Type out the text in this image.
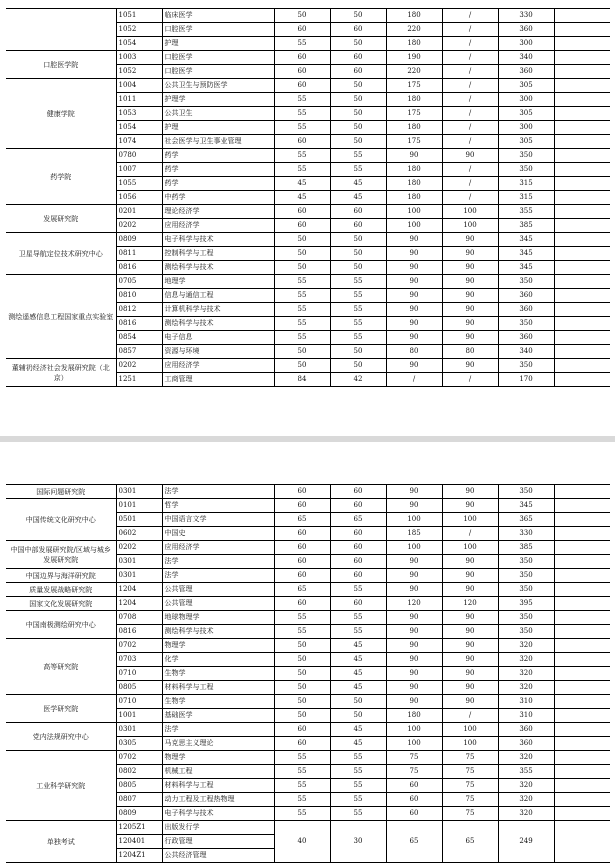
	1051	临床医学	50	50	180	/	330	
	1052	口腔医学	60	60	220	/	360	
	1054	护理	55	50	180	/	300	
口腔医学院	1003	口腔医学	60	60	190	/	340	
	1052	口腔医学	60	60	220	/	360	
健康学院	1004	公共卫生与预防医学	60	50	175	/	305	
	1011	护理学	55	50	180	/	300	
	1053	公共卫生	55	50	175	/	305	
	1054	护理	55	50	180	/	300	
	1074	社会医学与卫生事业管理	60	50	175	/	305	
药学院	0780	药学	55	55	90	90	350	
	1007	药学	55	55	180	/	350	
	1055	药学	45	45	180	/	315	
	1056	中药学	45	45	180	/	315	
发展研究院	0201	理论经济学	60	60	100	100	355	
	0202	应用经济学	60	60	100	100	385	
卫星导航定位技术研究中心	0809	电子科学与技术	50	50	90	90	345	
	0811	控制科学与工程	50	50	90	90	345	
	0816	测绘科学与技术	50	50	90	90	345	
测绘遥感信息工程国家重点实验室	0705	地理学	55	55	90	90	350	
	0810	信息与通信工程	55	55	90	90	360	
	0812	计算机科学与技术	55	55	90	90	360	
	0816	测绘科学与技术	55	55	90	90	350	
	0854	电子信息	55	55	90	90	360	
	0857	资源与环境	50	50	80	80	340	
董辅礽经济社会发展研究院（北京）	0202	应用经济学	50	50	90	90	350	
	1251	工商管理	84	42	/	/	170	
国际问题研究院	0301	法学	60	60	90	90	350	
中国传统文化研究中心	0101	哲学	60	60	90	90	345	
	0501	中国语言文学	65	65	100	100	365	
	0602	中国史	60	60	185	/	330	
中国中部发展研究院/区域与城乡发展研究院	0202	应用经济学	60	60	100	100	385	
	0301	法学	60	60	90	90	350	
中国边界与海洋研究院	0301	法学	60	60	90	90	350	
质量发展战略研究院	1204	公共管理	65	55	90	90	350	
国家文化发展研究院	1204	公共管理	60	60	120	120	395	
中国南极测绘研究中心	0708	地球物理学	55	55	90	90	350	
	0816	测绘科学与技术	55	55	90	90	350	
高等研究院	0702	物理学	50	45	90	90	320	
	0703	化学	50	45	90	90	320	
	0710	生物学	50	45	90	90	320	
	0805	材料科学与工程	50	45	90	90	320	
医学研究院	0710	生物学	50	50	90	90	310	
	1001	基础医学	50	50	180	/	310	
党内法规研究中心	0301	法学	60	45	100	100	360	
	0305	马克思主义理论	60	45	100	100	360	
工业科学研究院	0702	物理学	55	55	75	75	320	
	0802	机械工程	55	55	75	75	355	
	0805	材料科学与工程	55	55	60	75	320	
	0807	动力工程及工程热物理	55	55	60	75	320	
	0809	电子科学与技术	55	55	60	75	320	
单独考试	1205Z1	出版发行学	40	30	65	65	249	
	120401	行政管理						
	1204Z1	公共经济管理						
